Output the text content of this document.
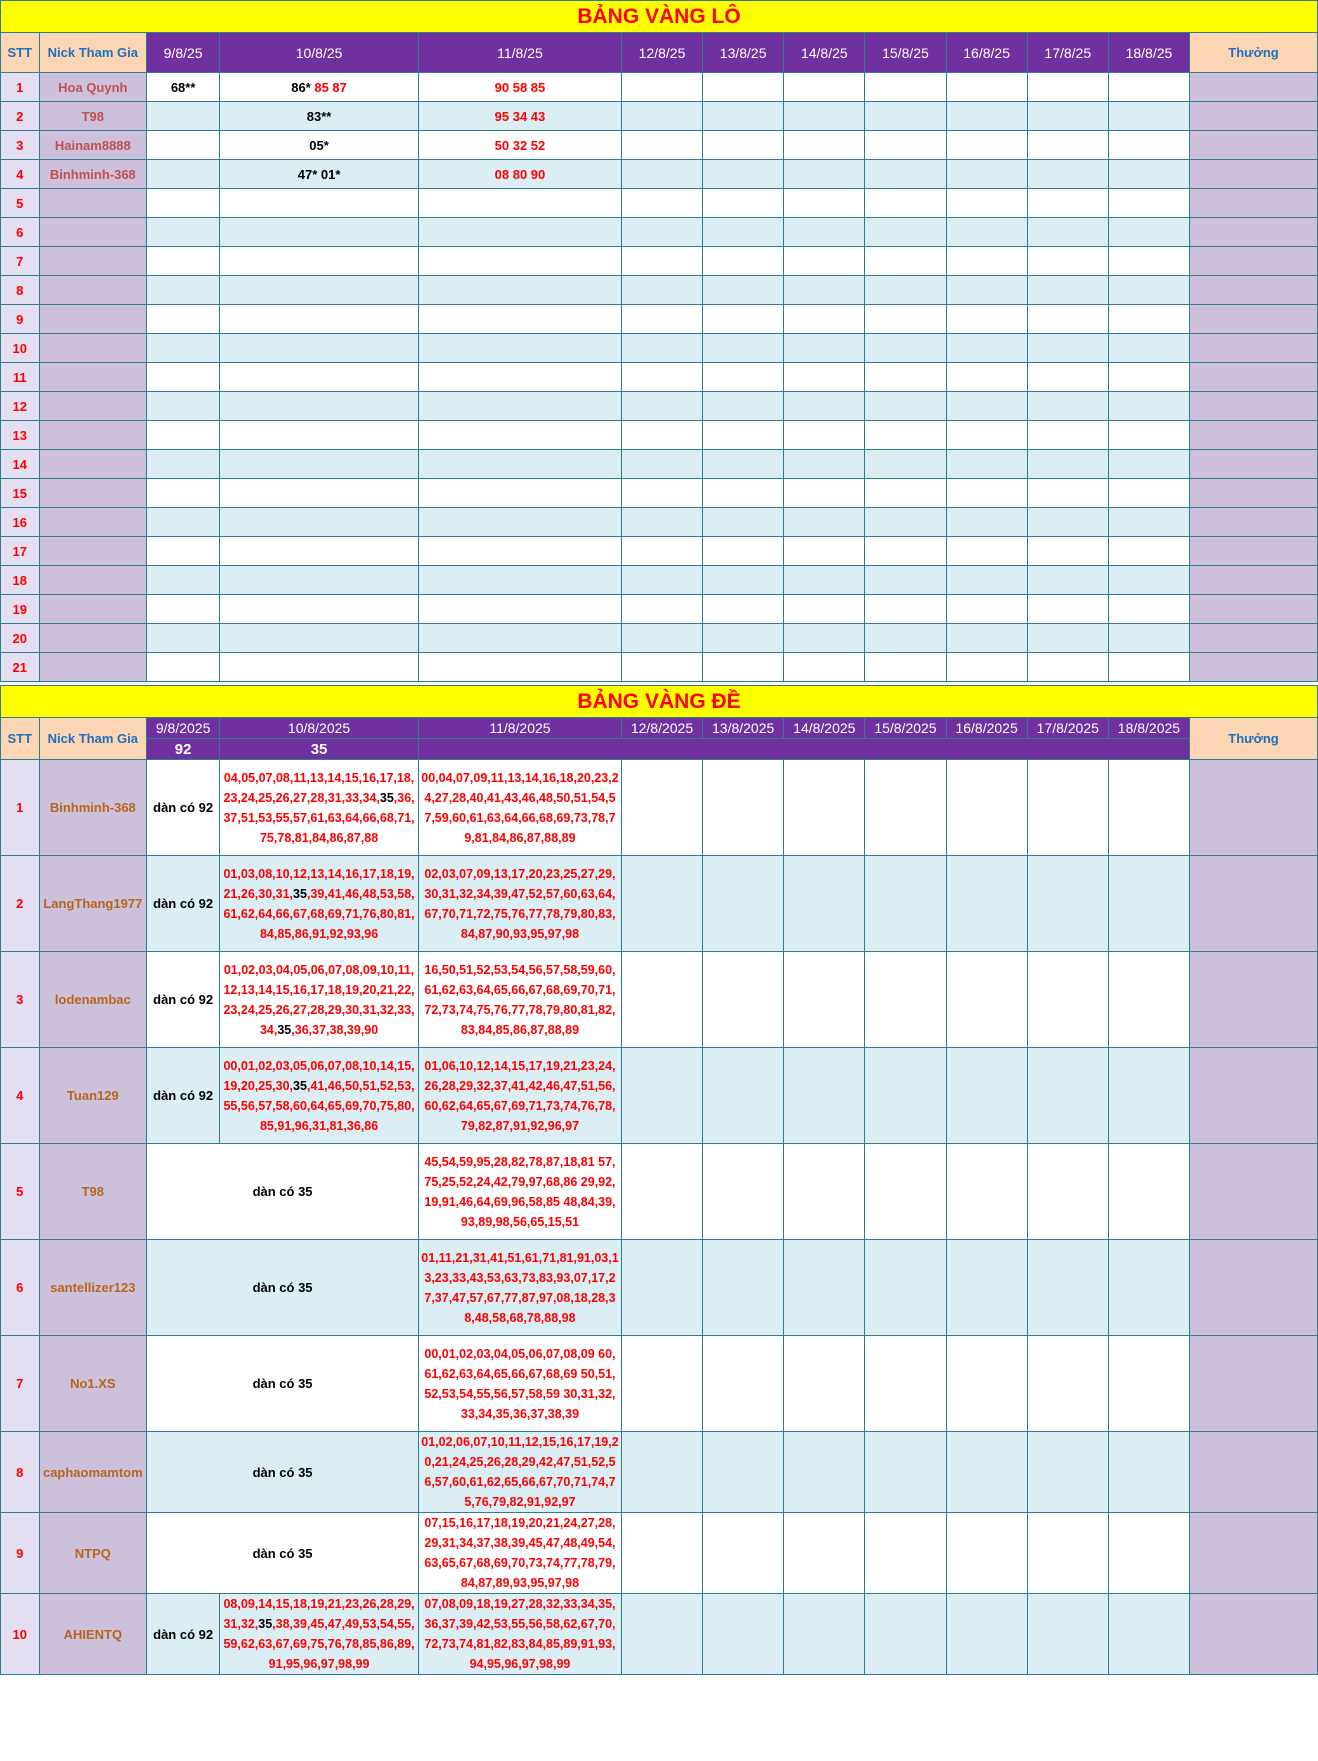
BẢNG VÀNG LÔ												
STT	Nick Tham Gia	9/8/25	10/8/25	11/8/25	12/8/25	13/8/25	14/8/25	15/8/25	16/8/25	17/8/25	18/8/25	Thưởng
1	Hoa Quynh	68**	86* 85 87	90 58 85								
2	T98		83**	95 34 43								
3	Hainam8888		05*	50 32 52								
4	Binhminh-368		47* 01*	08 80 90								
5												
6												
7												
8												
9												
10												
11												
12												
13												
14												
15												
16												
17												
18												
19												
20												
21												
BẢNG VÀNG ĐỀ												
STT	Nick Tham Gia	9/8/2025	10/8/2025	11/8/2025	12/8/2025	13/8/2025	14/8/2025	15/8/2025	16/8/2025	17/8/2025	18/8/2025	Thưởng
		92	35									
1	Binhminh-368	dàn có 92	04,05,07,08,11,13,14,15,16,17,18,23,24,25,26,27,28,31,33,34,35,36,37,51,53,55,57,61,63,64,66,68,71,75,78,81,84,86,87,88	00,04,07,09,11,13,14,16,18,20,23,24,27,28,40,41,43,46,48,50,51,54,57,59,60,61,63,64,66,68,69,73,78,79,81,84,86,87,88,89								
2	LangThang1977	dàn có 92	01,03,08,10,12,13,14,16,17,18,19,21,26,30,31,35,39,41,46,48,53,58,61,62,64,66,67,68,69,71,76,80,81,84,85,86,91,92,93,96	02,03,07,09,13,17,20,23,25,27,29,30,31,32,34,39,47,52,57,60,63,64,67,70,71,72,75,76,77,78,79,80,83,84,87,90,93,95,97,98								
3	lodenambac	dàn có 92	01,02,03,04,05,06,07,08,09,10,11,12,13,14,15,16,17,18,19,20,21,22,23,24,25,26,27,28,29,30,31,32,33,34,35,36,37,38,39,90	16,50,51,52,53,54,56,57,58,59,60,61,62,63,64,65,66,67,68,69,70,71,72,73,74,75,76,77,78,79,80,81,82,83,84,85,86,87,88,89								
4	Tuan129	dàn có 92	00,01,02,03,05,06,07,08,10,14,15,19,20,25,30,35,41,46,50,51,52,53,55,56,57,58,60,64,65,69,70,75,80,85,91,96,31,81,36,86	01,06,10,12,14,15,17,19,21,23,24,26,28,29,32,37,41,42,46,47,51,56,60,62,64,65,67,69,71,73,74,76,78,79,82,87,91,92,96,97								
5	T98	dàn có 35		45,54,59,95,28,82,78,87,18,81 57,75,25,52,24,42,79,97,68,86 29,92,19,91,46,64,69,96,58,85 48,84,39,93,89,98,56,65,15,51								
6	santellizer123	dàn có 35		01,11,21,31,41,51,61,71,81,91,03,13,23,33,43,53,63,73,83,93,07,17,27,37,47,57,67,77,87,97,08,18,28,38,48,58,68,78,88,98								
7	No1.XS	dàn có 35		00,01,02,03,04,05,06,07,08,09 60,61,62,63,64,65,66,67,68,69 50,51,52,53,54,55,56,57,58,59 30,31,32,33,34,35,36,37,38,39								
8	caphaomamtom	dàn có 35		01,02,06,07,10,11,12,15,16,17,19,20,21,24,25,26,28,29,42,47,51,52,56,57,60,61,62,65,66,67,70,71,74,75,76,79,82,91,92,97								
9	NTPQ	dàn có 35		07,15,16,17,18,19,20,21,24,27,28,29,31,34,37,38,39,45,47,48,49,54,63,65,67,68,69,70,73,74,77,78,79,84,87,89,93,95,97,98								
10	AHIENTQ	dàn có 92	08,09,14,15,18,19,21,23,26,28,29,31,32,35,38,39,45,47,49,53,54,55,59,62,63,67,69,75,76,78,85,86,89,91,95,96,97,98,99	07,08,09,18,19,27,28,32,33,34,35,36,37,39,42,53,55,56,58,62,67,70,72,73,74,81,82,83,84,85,89,91,93,94,95,96,97,98,99								
